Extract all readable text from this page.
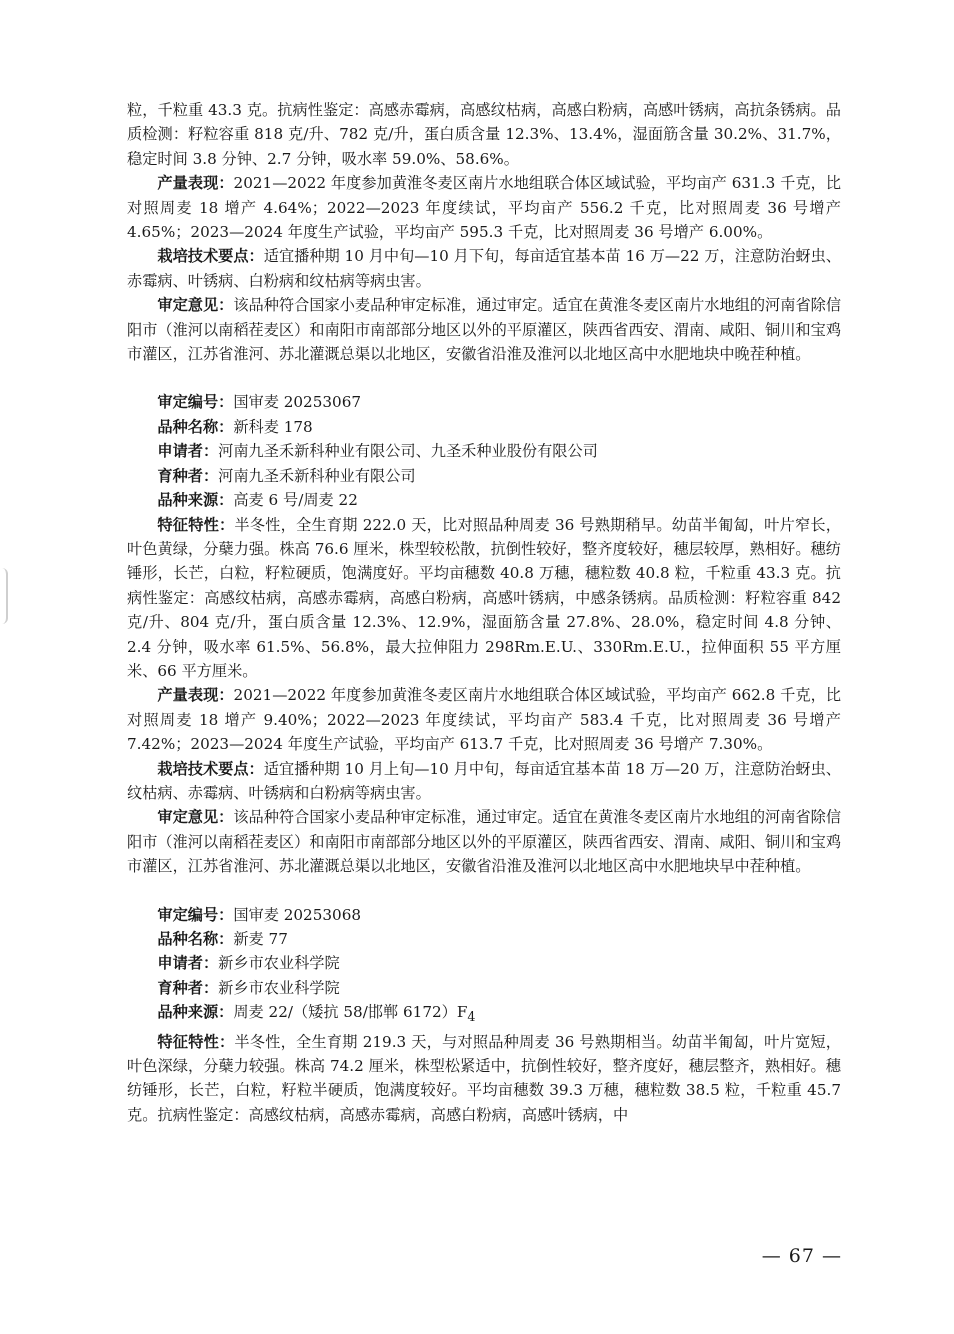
粒，千粒重 43.3 克。抗病性鉴定：高感赤霉病，高感纹枯病，高感白粉病，高感叶锈病，高抗条锈病。品质检测：籽粒容重 818 克/升、782 克/升，蛋白质含量 12.3%、13.4%，湿面筋含量 30.2%、31.7%，稳定时间 3.8 分钟、2.7 分钟，吸水率 59.0%、58.6%。

产量表现：2021—2022 年度参加黄淮冬麦区南片水地组联合体区域试验，平均亩产 631.3 千克，比对照周麦 18 增产 4.64%；2022—2023 年度续试，平均亩产 556.2 千克，比对照周麦 36 号增产 4.65%；2023—2024 年度生产试验，平均亩产 595.3 千克，比对照周麦 36 号增产 6.00%。

栽培技术要点：适宜播种期 10 月中旬—10 月下旬，每亩适宜基本苗 16 万—22 万，注意防治蚜虫、赤霉病、叶锈病、白粉病和纹枯病等病虫害。

审定意见：该品种符合国家小麦品种审定标准，通过审定。适宜在黄淮冬麦区南片水地组的河南省除信阳市（淮河以南稻茬麦区）和南阳市南部部分地区以外的平原灌区，陕西省西安、渭南、咸阳、铜川和宝鸡市灌区，江苏省淮河、苏北灌溉总渠以北地区，安徽省沿淮及淮河以北地区高中水肥地块中晚茬种植。

审定编号：国审麦 20253067

品种名称：新科麦 178

申请者：河南九圣禾新科种业有限公司、九圣禾种业股份有限公司

育种者：河南九圣禾新科种业有限公司

品种来源：高麦 6 号/周麦 22

特征特性：半冬性，全生育期 222.0 天，比对照品种周麦 36 号熟期稍早。幼苗半匍匐，叶片窄长，叶色黄绿，分蘖力强。株高 76.6 厘米，株型较松散，抗倒性较好，整齐度较好，穗层较厚，熟相好。穗纺锤形，长芒，白粒，籽粒硬质，饱满度好。平均亩穗数 40.8 万穗，穗粒数 40.8 粒，千粒重 43.3 克。抗病性鉴定：高感纹枯病，高感赤霉病，高感白粉病，高感叶锈病，中感条锈病。品质检测：籽粒容重 842 克/升、804 克/升，蛋白质含量 12.3%、12.9%，湿面筋含量 27.8%、28.0%，稳定时间 4.8 分钟、2.4 分钟，吸水率 61.5%、56.8%，最大拉伸阻力 298Rm.E.U.、330Rm.E.U.，拉伸面积 55 平方厘米、66 平方厘米。

产量表现：2021—2022 年度参加黄淮冬麦区南片水地组联合体区域试验，平均亩产 662.8 千克，比对照周麦 18 增产 9.40%；2022—2023 年度续试，平均亩产 583.4 千克，比对照周麦 36 号增产 7.42%；2023—2024 年度生产试验，平均亩产 613.7 千克，比对照周麦 36 号增产 7.30%。

栽培技术要点：适宜播种期 10 月上旬—10 月中旬，每亩适宜基本苗 18 万—20 万，注意防治蚜虫、纹枯病、赤霉病、叶锈病和白粉病等病虫害。

审定意见：该品种符合国家小麦品种审定标准，通过审定。适宜在黄淮冬麦区南片水地组的河南省除信阳市（淮河以南稻茬麦区）和南阳市南部部分地区以外的平原灌区，陕西省西安、渭南、咸阳、铜川和宝鸡市灌区，江苏省淮河、苏北灌溉总渠以北地区，安徽省沿淮及淮河以北地区高中水肥地块早中茬种植。

审定编号：国审麦 20253068

品种名称：新麦 77

申请者：新乡市农业科学院

育种者：新乡市农业科学院

品种来源：周麦 22/（矮抗 58/邯郸 $6172)F_4$

特征特性：半冬性，全生育期 219.3 天，与对照品种周麦 36 号熟期相当。幼苗半匍匐，叶片宽短，叶色深绿，分蘖力较强。株高 74.2 厘米，株型松紧适中，抗倒性较好，整齐度好，穗层整齐，熟相好。穗纺锤形，长芒，白粒，籽粒半硬质，饱满度较好。平均亩穗数 39.3 万穗，穗粒数 38.5 粒，千粒重 45.7 克。抗病性鉴定：高感纹枯病，高感赤霉病，高感白粉病，高感叶锈病，中

— 67 —
